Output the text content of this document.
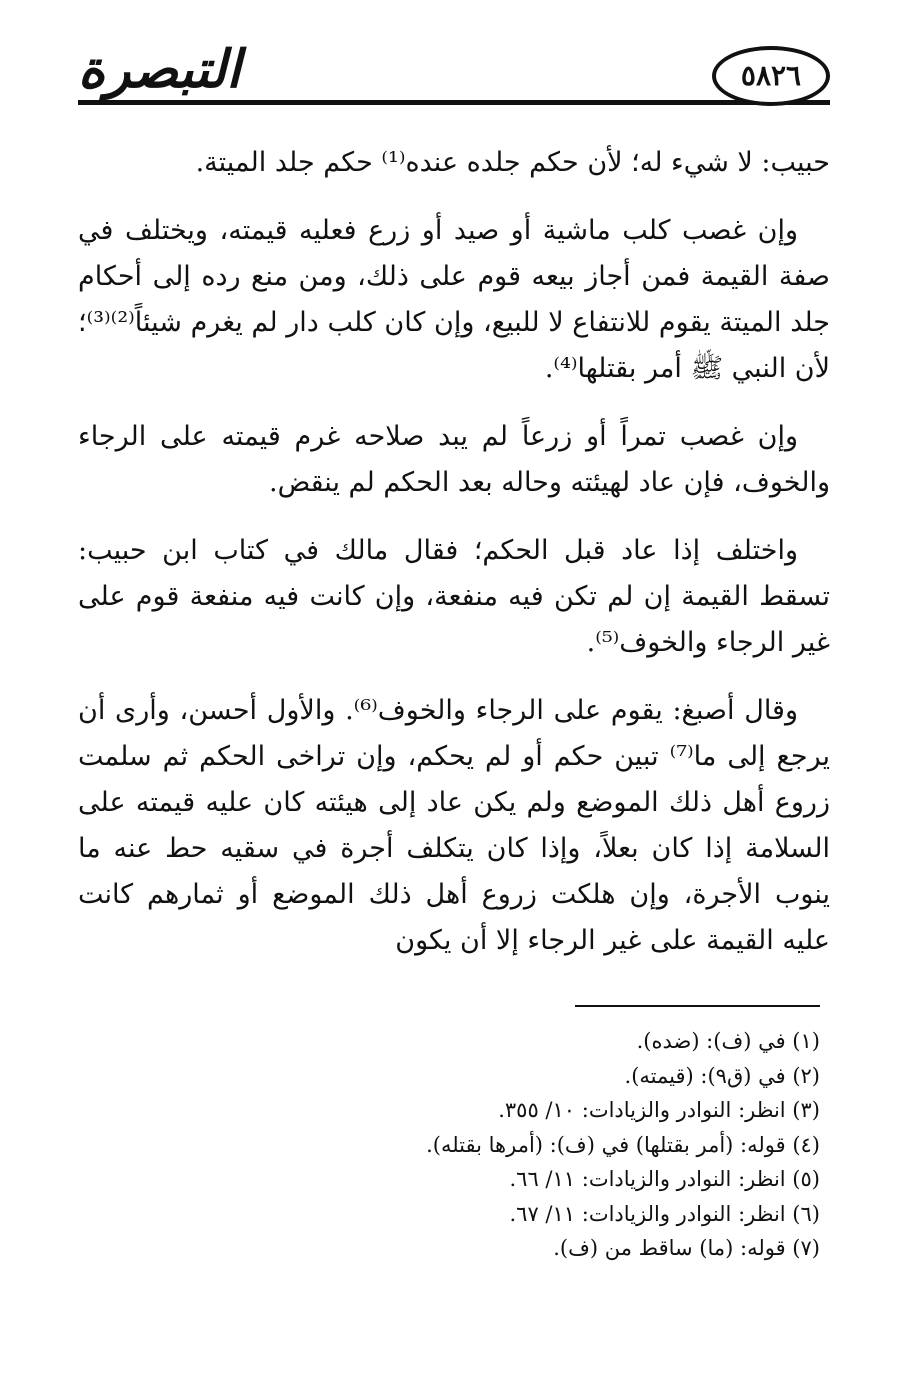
التبصرة	٥٨٢٦

حبيب: لا شيء له؛ لأن حكم جلده عنده⁽¹⁾ حكم جلد الميتة.

وإن غصب كلب ماشية أو صيد أو زرع فعليه قيمته، ويختلف في صفة القيمة فمن أجاز بيعه قوم على ذلك، ومن منع رده إلى أحكام جلد الميتة يقوم للانتفاع لا للبيع، وإن كان كلب دار لم يغرم شيئاً⁽²⁾⁽³⁾؛ لأن النبي ﷺ أمر بقتلها⁽⁴⁾.

وإن غصب تمراً أو زرعاً لم يبد صلاحه غرم قيمته على الرجاء والخوف، فإن عاد لهيئته وحاله بعد الحكم لم ينقض.

واختلف إذا عاد قبل الحكم؛ فقال مالك في كتاب ابن حبيب: تسقط القيمة إن لم تكن فيه منفعة، وإن كانت فيه منفعة قوم على غير الرجاء والخوف⁽⁵⁾.

وقال أصبغ: يقوم على الرجاء والخوف⁽⁶⁾. والأول أحسن، وأرى أن يرجع إلى ما⁽⁷⁾ تبين حكم أو لم يحكم، وإن تراخى الحكم ثم سلمت زروع أهل ذلك الموضع ولم يكن عاد إلى هيئته كان عليه قيمته على السلامة إذا كان بعلاً، وإذا كان يتكلف أجرة في سقيه حط عنه ما ينوب الأجرة، وإن هلكت زروع أهل ذلك الموضع أو ثمارهم كانت عليه القيمة على غير الرجاء إلا أن يكون

(١) في (ف): (ضده).

(٢) في (ق٩): (قيمته).

(٣) انظر: النوادر والزيادات: ١٠/ ٣٥٥.

(٤) قوله: (أمر بقتلها) في (ف): (أمرها بقتله).

(٥) انظر: النوادر والزيادات: ١١/ ٦٦.

(٦) انظر: النوادر والزيادات: ١١/ ٦٧.

(٧) قوله: (ما) ساقط من (ف).
